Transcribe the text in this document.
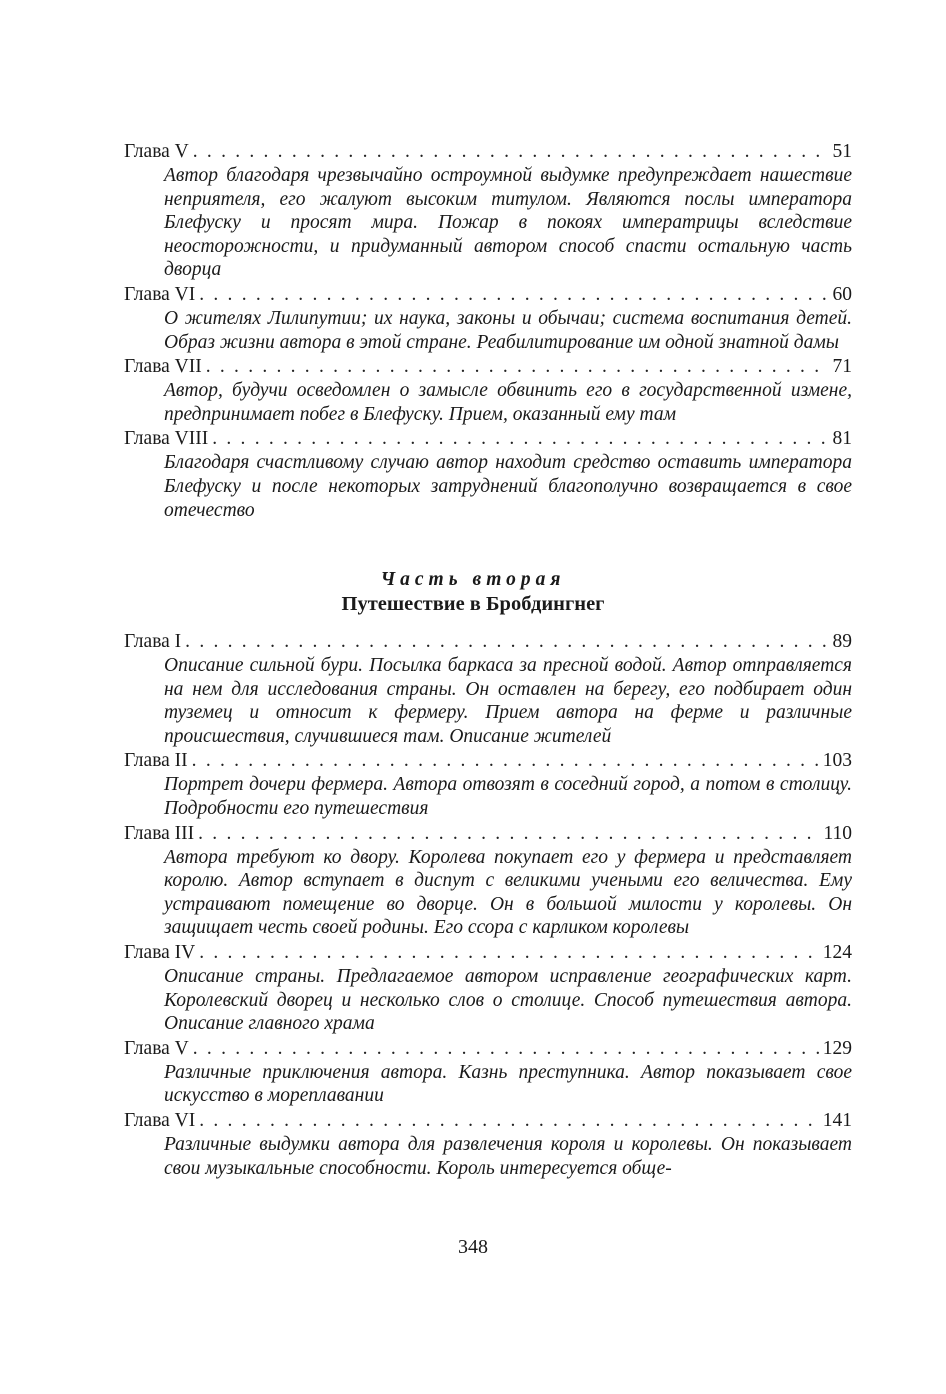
Глава V . . .	51
Автор благодаря чрезвычайно остроумной выдумке предупреждает нашествие неприятеля, его жалуют высоким титулом. Являются послы императора Блефуску и просят мира. Пожар в покоях императрицы вследствие неосторожности, и придуманный автором способ спасти остальную часть дворца
Глава VI . . .	60
О жителях Лилипутии; их наука, законы и обычаи; система воспитания детей. Образ жизни автора в этой стране. Реабилитирование им одной знатной дамы
Глава VII . . .	71
Автор, будучи осведомлен о замысле обвинить его в государственной измене, предпринимает побег в Блефуску. Прием, оказанный ему там
Глава VIII . . .	81
Благодаря счастливому случаю автор находит средство оставить императора Блефуску и после некоторых затруднений благополучно возвращается в свое отечество
Часть вторая
Путешествие в Бробдингнег
Глава I . . .	89
Описание сильной бури. Посылка баркаса за пресной водой. Автор отправляется на нем для исследования страны. Он оставлен на берегу, его подбирает один туземец и относит к фермеру. Прием автора на ферме и различные происшествия, случившиеся там. Описание жителей
Глава II . . .	103
Портрет дочери фермера. Автора отвозят в соседний город, а потом в столицу. Подробности его путешествия
Глава III . . .	110
Автора требуют ко двору. Королева покупает его у фермера и представляет королю. Автор вступает в диспут с великими учеными его величества. Ему устраивают помещение во дворце. Он в большой милости у королевы. Он защищает честь своей родины. Его ссора с карликом королевы
Глава IV . . .	124
Описание страны. Предлагаемое автором исправление географических карт. Королевский дворец и несколько слов о столице. Способ путешествия автора. Описание главного храма
Глава V . . .	129
Различные приключения автора. Казнь преступника. Автор показывает свое искусство в мореплавании
Глава VI . . .	141
Различные выдумки автора для развлечения короля и королевы. Он показывает свои музыкальные способности. Король интересуется обще-
348
